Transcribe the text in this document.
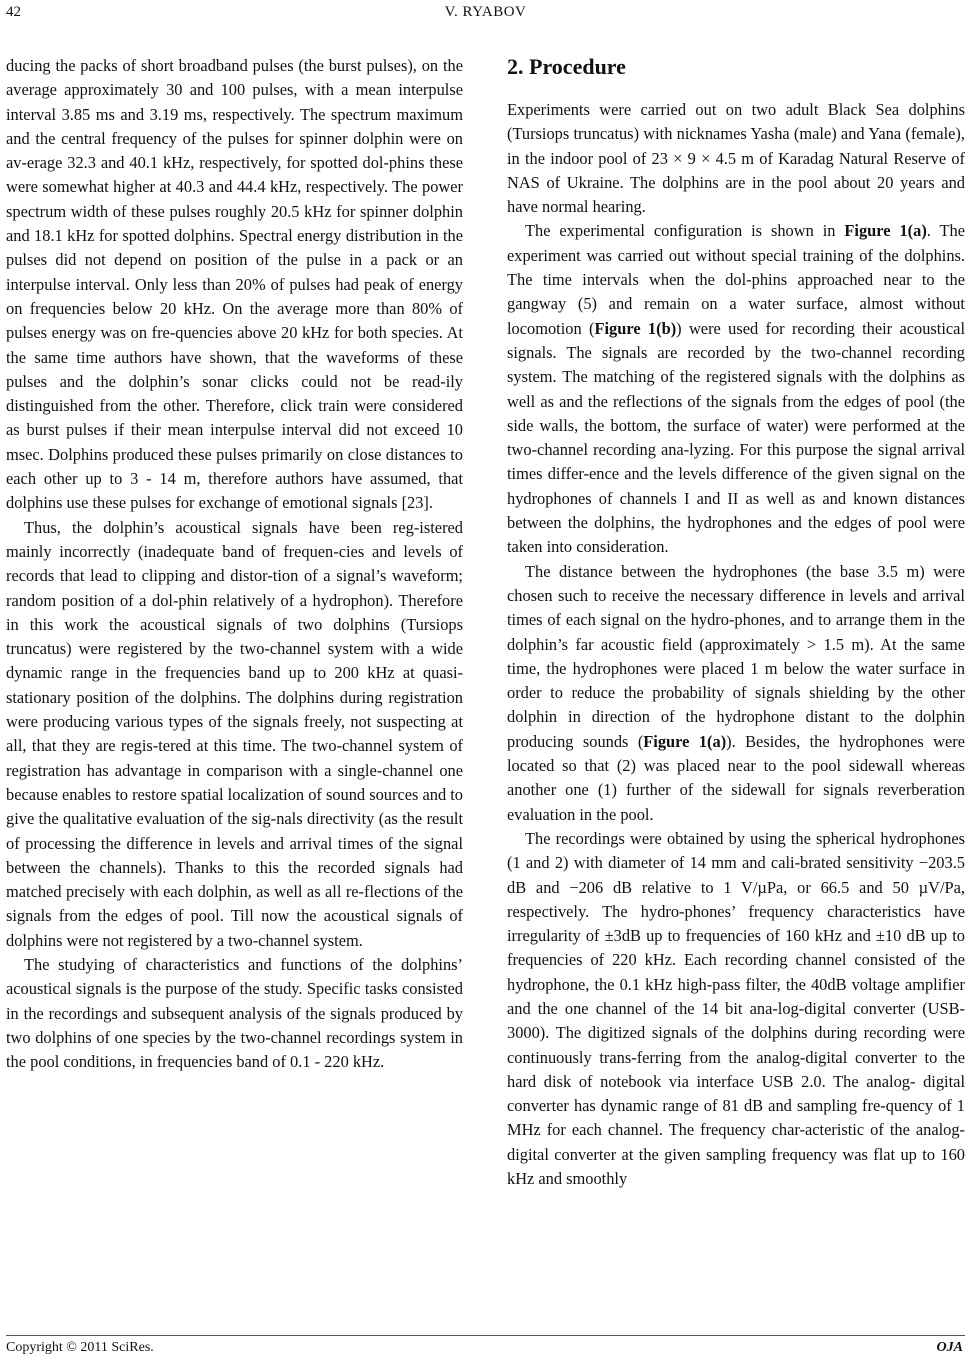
42	V. RYABOV

ducing the packs of short broadband pulses (the burst pulses), on the average approximately 30 and 100 pulses, with a mean interpulse interval 3.85 ms and 3.19 ms, respectively. The spectrum maximum and the central frequency of the pulses for spinner dolphin were on av-erage 32.3 and 40.1 kHz, respectively, for spotted dol-phins these were somewhat higher at 40.3 and 44.4 kHz, respectively. The power spectrum width of these pulses roughly 20.5 kHz for spinner dolphin and 18.1 kHz for spotted dolphins. Spectral energy distribution in the pulses did not depend on position of the pulse in a pack or an interpulse interval. Only less than 20% of pulses had peak of energy on frequencies below 20 kHz. On the average more than 80% of pulses energy was on fre-quencies above 20 kHz for both species. At the same time authors have shown, that the waveforms of these pulses and the dolphin’s sonar clicks could not be read-ily distinguished from the other. Therefore, click train were considered as burst pulses if their mean interpulse interval did not exceed 10 msec. Dolphins produced these pulses primarily on close distances to each other up to 3 - 14 m, therefore authors have assumed, that dolphins use these pulses for exchange of emotional signals [23].

Thus, the dolphin’s acoustical signals have been reg-istered mainly incorrectly (inadequate band of frequen-cies and levels of records that lead to clipping and distor-tion of a signal’s waveform; random position of a dol-phin relatively of a hydrophon). Therefore in this work the acoustical signals of two dolphins (Tursiops truncatus) were registered by the two-channel system with a wide dynamic range in the frequencies band up to 200 kHz at quasi-stationary position of the dolphins. The dolphins during registration were producing various types of the signals freely, not suspecting at all, that they are regis-tered at this time. The two-channel system of registration has advantage in comparison with a single-channel one because enables to restore spatial localization of sound sources and to give the qualitative evaluation of the sig-nals directivity (as the result of processing the difference in levels and arrival times of the signal between the channels). Thanks to this the recorded signals had matched precisely with each dolphin, as well as all re-flections of the signals from the edges of pool. Till now the acoustical signals of dolphins were not registered by a two-channel system.

The studying of characteristics and functions of the dolphins’ acoustical signals is the purpose of the study. Specific tasks consisted in the recordings and subsequent analysis of the signals produced by two dolphins of one species by the two-channel recordings system in the pool conditions, in frequencies band of 0.1 - 220 kHz.

2. Procedure

Experiments were carried out on two adult Black Sea dolphins (Tursiops truncatus) with nicknames Yasha (male) and Yana (female), in the indoor pool of 23 × 9 × 4.5 m of Karadag Natural Reserve of NAS of Ukraine. The dolphins are in the pool about 20 years and have normal hearing.

The experimental configuration is shown in Figure 1(a). The experiment was carried out without special training of the dolphins. The time intervals when the dol-phins approached near to the gangway (5) and remain on a water surface, almost without locomotion (Figure 1(b)) were used for recording their acoustical signals. The signals are recorded by the two-channel recording system. The matching of the registered signals with the dolphins as well as and the reflections of the signals from the edges of pool (the side walls, the bottom, the surface of water) were performed at the two-channel recording ana-lyzing. For this purpose the signal arrival times differ-ence and the levels difference of the given signal on the hydrophones of channels I and II as well as and known distances between the dolphins, the hydrophones and the edges of pool were taken into consideration.

The distance between the hydrophones (the base 3.5 m) were chosen such to receive the necessary difference in levels and arrival times of each signal on the hydro-phones, and to arrange them in the dolphin’s far acoustic field (approximately > 1.5 m). At the same time, the hydrophones were placed 1 m below the water surface in order to reduce the probability of signals shielding by the other dolphin in direction of the hydrophone distant to the dolphin producing sounds (Figure 1(a)). Besides, the hydrophones were located so that (2) was placed near to the pool sidewall whereas another one (1) further of the sidewall for signals reverberation evaluation in the pool.

The recordings were obtained by using the spherical hydrophones (1 and 2) with diameter of 14 mm and cali-brated sensitivity −203.5 dB and −206 dB relative to 1 V/µPa, or 66.5 and 50 µV/Pa, respectively. The hydro-phones’ frequency characteristics have irregularity of ±3dB up to frequencies of 160 kHz and ±10 dB up to frequencies of 220 kHz. Each recording channel consisted of the hydrophone, the 0.1 kHz high-pass filter, the 40dB voltage amplifier and the one channel of the 14 bit ana-log-digital converter (USB-3000). The digitized signals of the dolphins during recording were continuously trans-ferring from the analog-digital converter to the hard disk of notebook via interface USB 2.0. The analog- digital converter has dynamic range of 81 dB and sampling fre-quency of 1 MHz for each channel. The frequency char-acteristic of the analog-digital converter at the given sampling frequency was flat up to 160 kHz and smoothly

Copyright © 2011 SciRes.	OJA
